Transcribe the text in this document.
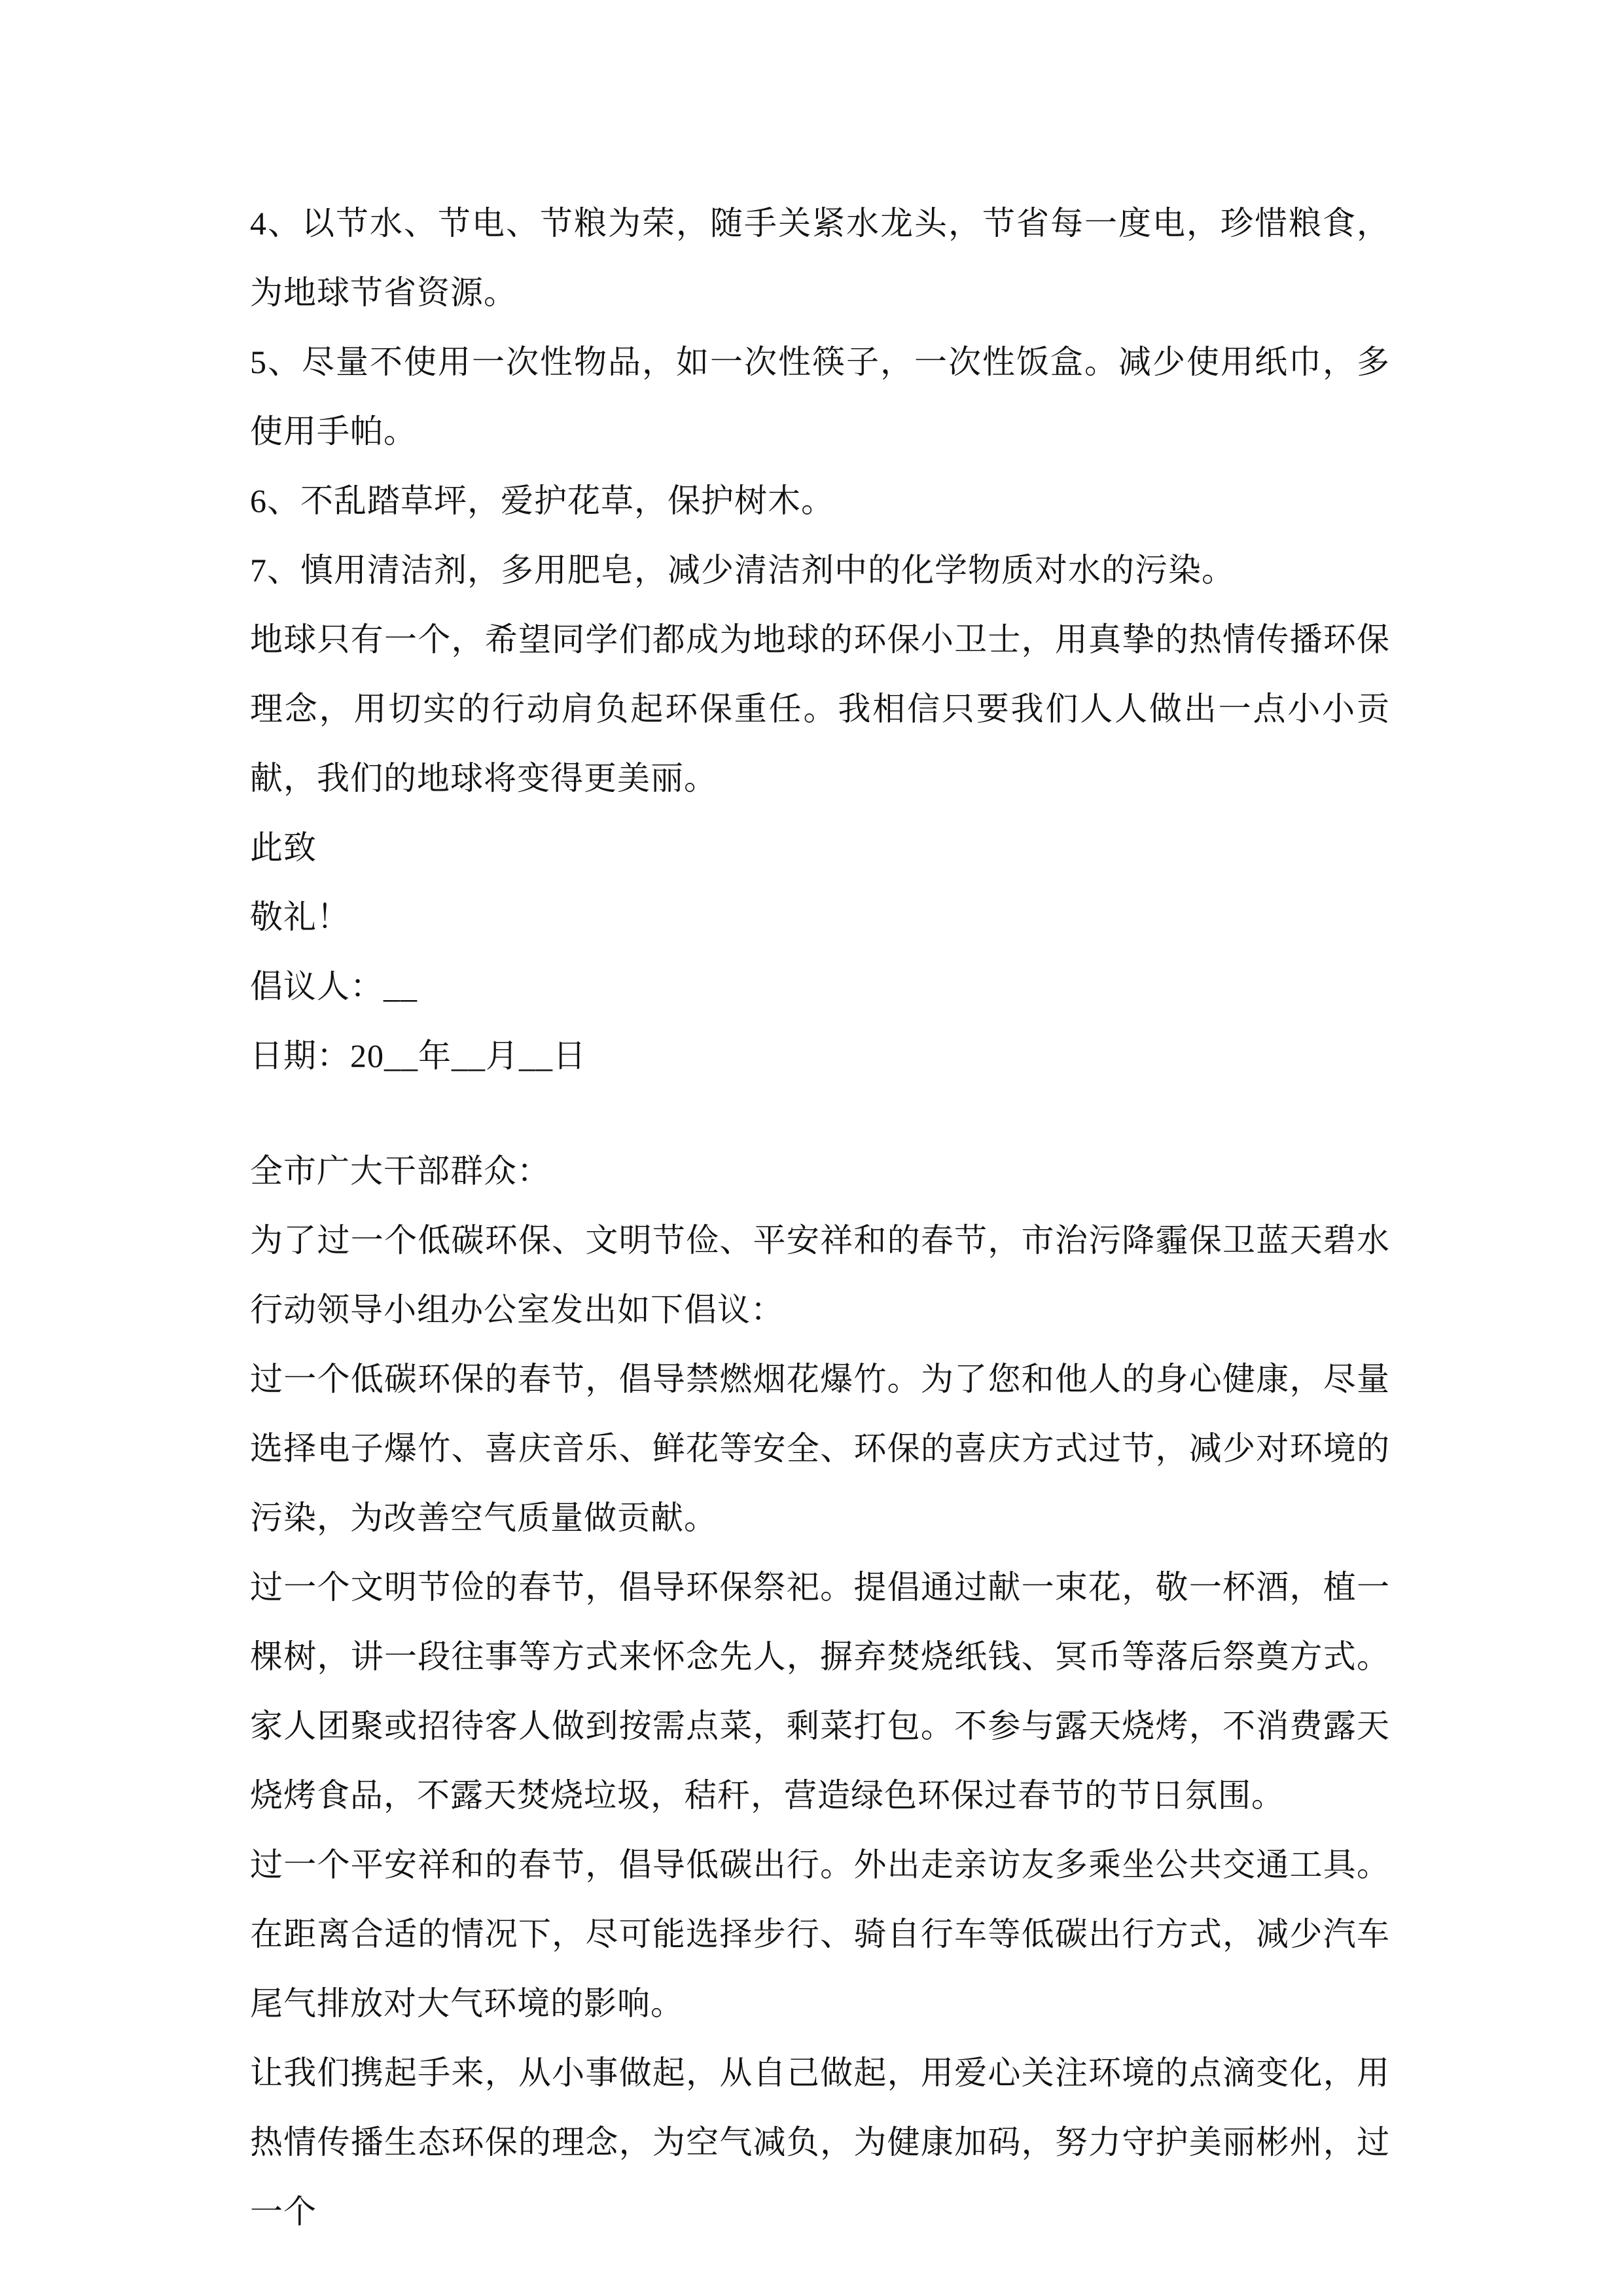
4、以节水、节电、节粮为荣，随手关紧水龙头，节省每一度电，珍惜粮食，为地球节省资源。

5、尽量不使用一次性物品，如一次性筷子，一次性饭盒。减少使用纸巾，多使用手帕。

6、不乱踏草坪，爱护花草，保护树木。

7、慎用清洁剂，多用肥皂，减少清洁剂中的化学物质对水的污染。

地球只有一个，希望同学们都成为地球的环保小卫士，用真挚的热情传播环保理念，用切实的行动肩负起环保重任。我相信只要我们人人做出一点小小贡献，我们的地球将变得更美丽。

此致

敬礼！

倡议人：__

日期：20__年__月__日

全市广大干部群众：

为了过一个低碳环保、文明节俭、平安祥和的春节，市治污降霾保卫蓝天碧水行动领导小组办公室发出如下倡议：

过一个低碳环保的春节，倡导禁燃烟花爆竹。为了您和他人的身心健康，尽量选择电子爆竹、喜庆音乐、鲜花等安全、环保的喜庆方式过节，减少对环境的污染，为改善空气质量做贡献。

过一个文明节俭的春节，倡导环保祭祀。提倡通过献一束花，敬一杯酒，植一棵树，讲一段往事等方式来怀念先人，摒弃焚烧纸钱、冥币等落后祭奠方式。家人团聚或招待客人做到按需点菜，剩菜打包。不参与露天烧烤，不消费露天烧烤食品，不露天焚烧垃圾，秸秆，营造绿色环保过春节的节日氛围。

过一个平安祥和的春节，倡导低碳出行。外出走亲访友多乘坐公共交通工具。在距离合适的情况下，尽可能选择步行、骑自行车等低碳出行方式，减少汽车尾气排放对大气环境的影响。

让我们携起手来，从小事做起，从自己做起，用爱心关注环境的点滴变化，用热情传播生态环保的理念，为空气减负，为健康加码，努力守护美丽彬州，过一个
